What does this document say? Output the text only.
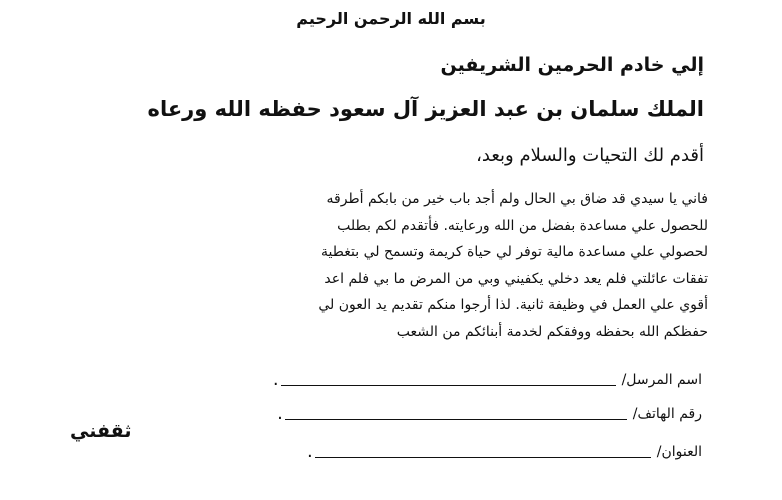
بسم الله الرحمن الرحيم
إلي خادم الحرمين الشريفين
الملك سلمان بن عبد العزيز آل سعود حفظه الله ورعاه
أقدم لك التحيات والسلام وبعد،
فاني يا سيدي قد ضاق بي الحال ولم أجد باب خير من بابكم أطرقه
للحصول علي مساعدة بفضل من الله ورعايته. فأتقدم لكم بطلب
لحصولي علي مساعدة مالية توفر لي حياة كريمة وتسمح لي بتغطية
تفقات عائلتي فلم يعد دخلي يكفيني وبي من المرض ما بي فلم اعد
أقوي علي العمل في وظيفة ثانية. لذا أرجوا منكم تقديم يد العون لي
حفظكم الله بحفظه ووفقكم لخدمة أبنائكم من الشعب
اسم المرسل
/
.
رقم الهاتف
/
.
العنوان
/
.
ثقفني
